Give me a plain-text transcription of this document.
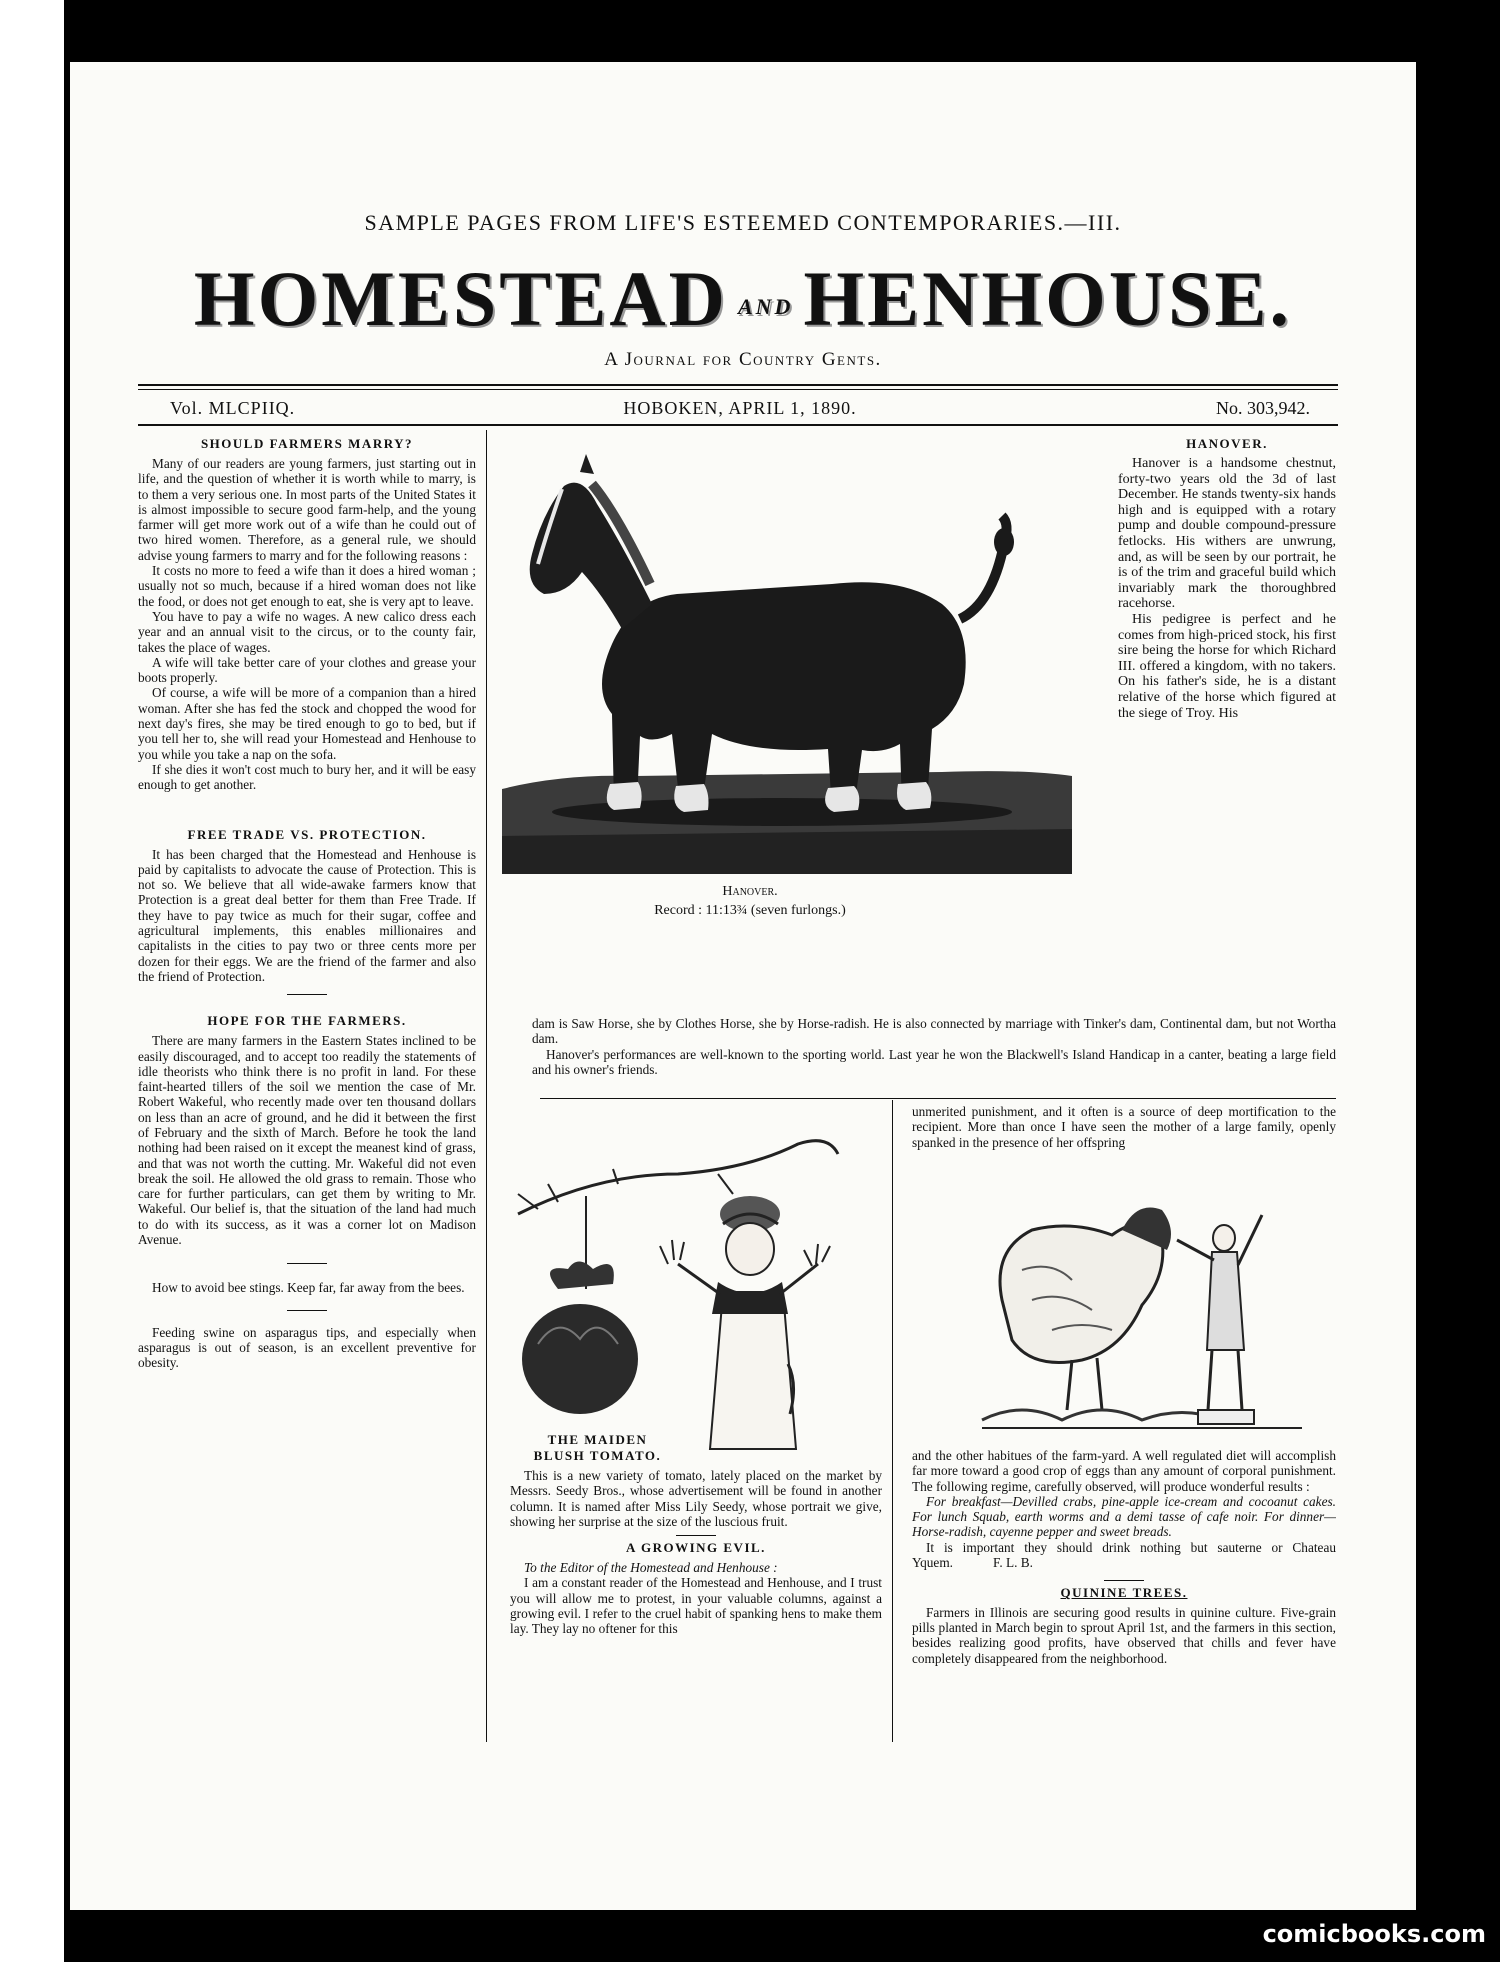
SAMPLE PAGES FROM LIFE'S ESTEEMED CONTEMPORARIES.—III.
HOMESTEAD AND HENHOUSE.
A Journal for Country Gents.
Vol. MLCPIIQ.	HOBOKEN, APRIL 1, 1890.	No. 303,942.
SHOULD FARMERS MARRY?

Many of our readers are young farmers, just starting out in life, and the question of whether it is worth while to marry, is to them a very serious one. In most parts of the United States it is almost impossible to secure good farm-help, and the young farmer will get more work out of a wife than he could out of two hired women. Therefore, as a general rule, we should advise young farmers to marry and for the following reasons :

It costs no more to feed a wife than it does a hired woman ; usually not so much, because if a hired woman does not like the food, or does not get enough to eat, she is very apt to leave.

You have to pay a wife no wages. A new calico dress each year and an annual visit to the circus, or to the county fair, takes the place of wages.

A wife will take better care of your clothes and grease your boots properly.

Of course, a wife will be more of a companion than a hired woman. After she has fed the stock and chopped the wood for next day's fires, she may be tired enough to go to bed, but if you tell her to, she will read your Homestead and Henhouse to you while you take a nap on the sofa.

If she dies it won't cost much to bury her, and it will be easy enough to get another.

FREE TRADE VS. PROTECTION.

It has been charged that the Homestead and Henhouse is paid by capitalists to advocate the cause of Protection. This is not so. We believe that all wide-awake farmers know that Protection is a great deal better for them than Free Trade. If they have to pay twice as much for their sugar, coffee and agricultural implements, this enables millionaires and capitalists in the cities to pay two or three cents more per dozen for their eggs. We are the friend of the farmer and also the friend of Protection.

HOPE FOR THE FARMERS.

There are many farmers in the Eastern States inclined to be easily discouraged, and to accept too readily the statements of idle theorists who think there is no profit in land. For these faint-hearted tillers of the soil we mention the case of Mr. Robert Wakeful, who recently made over ten thousand dollars on less than an acre of ground, and he did it between the first of February and the sixth of March. Before he took the land nothing had been raised on it except the meanest kind of grass, and that was not worth the cutting. Mr. Wakeful did not even break the soil. He allowed the old grass to remain. Those who care for further particulars, can get them by writing to Mr. Wakeful. Our belief is, that the situation of the land had much to do with its success, as it was a corner lot on Madison Avenue.

How to avoid bee stings. Keep far, far away from the bees.

Feeding swine on asparagus tips, and especially when asparagus is out of season, is an excellent preventive for obesity.

Hanover.
Record : 11:13¾ (seven furlongs.)
HANOVER.

Hanover is a handsome chestnut, forty-two years old the 3d of last December. He stands twenty-six hands high and is equipped with a rotary pump and double compound-pressure fetlocks. His withers are unwrung, and, as will be seen by our portrait, he is of the trim and graceful build which invariably mark the thoroughbred racehorse.

His pedigree is perfect and he comes from high-priced stock, his first sire being the horse for which Richard III. offered a kingdom, with no takers. On his father's side, he is a distant relative of the horse which figured at the siege of Troy. His

dam is Saw Horse, she by Clothes Horse, she by Horse-radish. He is also connected by marriage with Tinker's dam, Continental dam, but not Wortha dam.

Hanover's performances are well-known to the sporting world. Last year he won the Blackwell's Island Handicap in a canter, beating a large field and his owner's friends.

THE MAIDEN
BLUSH TOMATO.

This is a new variety of tomato, lately placed on the market by Messrs. Seedy Bros., whose advertisement will be found in another column. It is named after Miss Lily Seedy, whose portrait we give, showing her surprise at the size of the luscious fruit.

A GROWING EVIL.

To the Editor of the Homestead and Henhouse :

I am a constant reader of the Homestead and Henhouse, and I trust you will allow me to protest, in your valuable columns, against a growing evil. I refer to the cruel habit of spanking hens to make them lay. They lay no oftener for this

unmerited punishment, and it often is a source of deep mortification to the recipient. More than once I have seen the mother of a large family, openly spanked in the presence of her offspring

and the other habitues of the farm-yard. A well regulated diet will accomplish far more toward a good crop of eggs than any amount of corporal punishment. The following regime, carefully observed, will produce wonderful results :

For breakfast—Devilled crabs, pine-apple ice-cream and cocoanut cakes. For lunch Squab, earth worms and a demi tasse of cafe noir. For dinner—Horse-radish, cayenne pepper and sweet breads.

It is important they should drink nothing but sauterne or Chateau Yquem.	F. L. B.

QUININE TREES.

Farmers in Illinois are securing good results in quinine culture. Five-grain pills planted in March begin to sprout April 1st, and the farmers in this section, besides realizing good profits, have observed that chills and fever have completely disappeared from the neighborhood.

comicbooks.com
